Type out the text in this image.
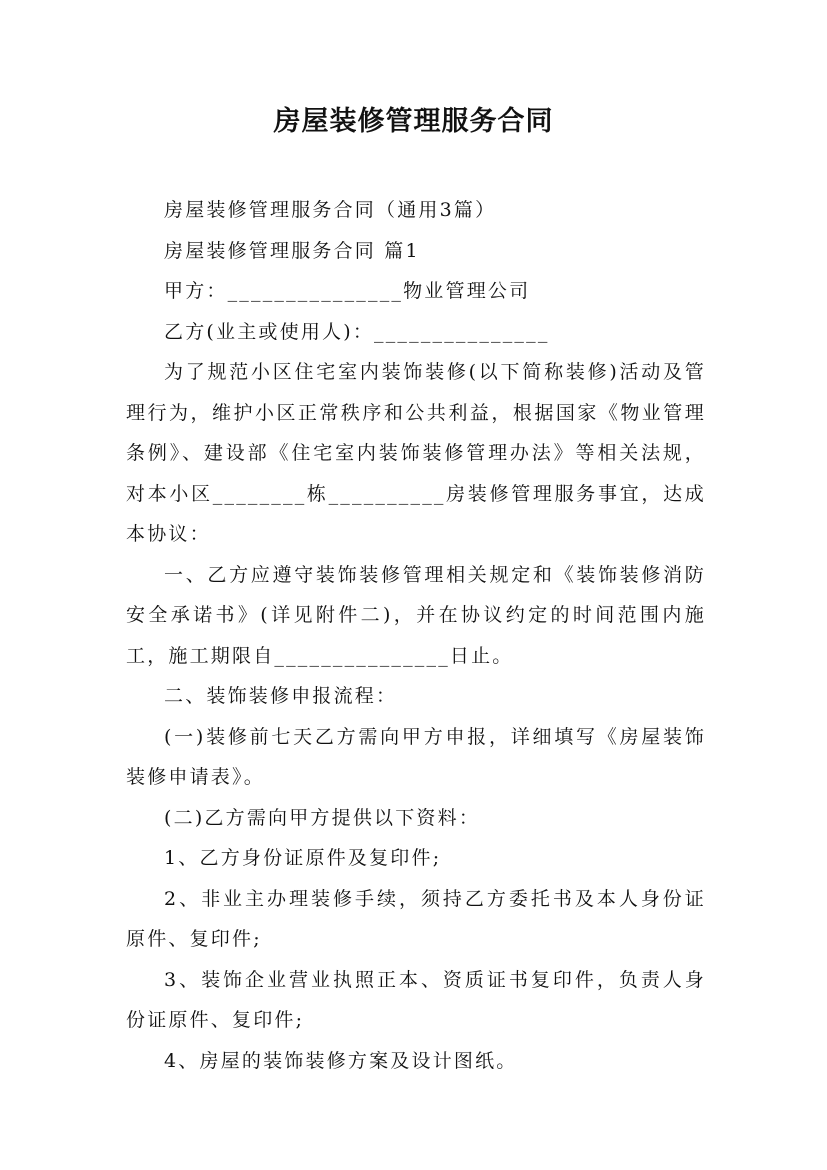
房屋装修管理服务合同

房屋装修管理服务合同（通用3篇）

房屋装修管理服务合同 篇1

甲方：_______________物业管理公司

乙方(业主或使用人)：_______________

为了规范小区住宅室内装饰装修(以下简称装修)活动及管理行为，维护小区正常秩序和公共利益，根据国家《物业管理条例》、建设部《住宅室内装饰装修管理办法》等相关法规，对本小区________栋__________房装修管理服务事宜，达成本协议：

一、乙方应遵守装饰装修管理相关规定和《装饰装修消防安全承诺书》(详见附件二)，并在协议约定的时间范围内施工，施工期限自_______________日止。

二、装饰装修申报流程：

(一)装修前七天乙方需向甲方申报，详细填写《房屋装饰装修申请表》。

(二)乙方需向甲方提供以下资料：

1、乙方身份证原件及复印件;

2、非业主办理装修手续，须持乙方委托书及本人身份证原件、复印件;

3、装饰企业营业执照正本、资质证书复印件，负责人身份证原件、复印件;

4、房屋的装饰装修方案及设计图纸。
